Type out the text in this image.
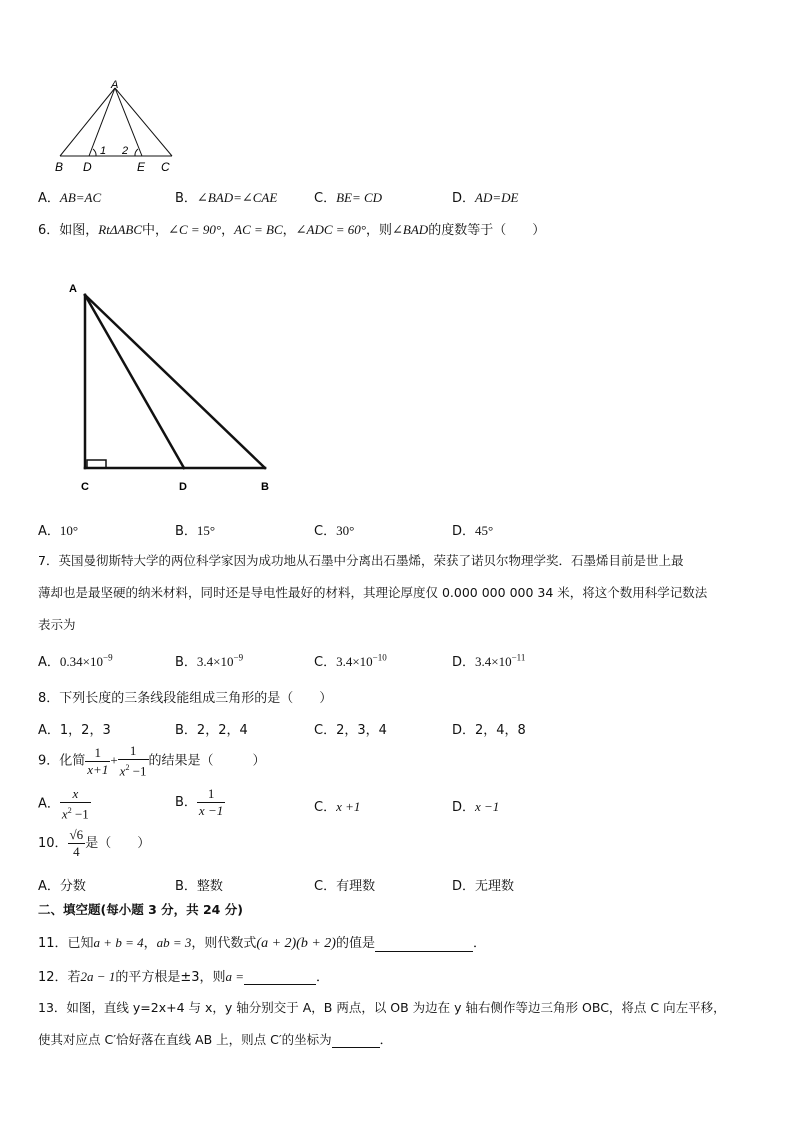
A
B D
1 2
E C
A．AB=AC	B．∠BAD=∠CAE	C．BE= CD	D．AD=DE
6．如图，RtΔABC中，∠C = 90°，AC = BC，∠ADC = 60°，则∠BAD的度数等于（　　）
A
C	D	B
A．10°	B．15°	C．30°	D．45°
7．英国曼彻斯特大学的两位科学家因为成功地从石墨中分离出石墨烯，荣获了诺贝尔物理学奖．石墨烯目前是世上最
薄却也是最坚硬的纳米材料，同时还是导电性最好的材料，其理论厚度仅 0.000 000 000 34 米，将这个数用科学记数法
表示为
A．$0.34\times 10^{-9}$	B．$3.4\times 10^{-9}$	C．$3.4\times 10^{-10}$	D．$3.4\times 10^{-11}$
8．下列长度的三条线段能组成三角形的是（　　）
A．1，2，3	B．2，2，4	C．2，3，4	D．2，4，8
9．化简 $\frac{1}{x+1} + \frac{1}{x^2 -1}$ 的结果是（　　　）
A． $\frac{x}{x^2 -1}$	B． $\frac{1}{x -1}$	C．x +1	D．x −1
10． $\frac{√6}{4}$ 是（　　）
A．分数	B．整数	C．有理数	D．无理数
二、填空题(每小题 3 分，共 24 分)
11．已知a + b = 4，ab = 3，则代数式(a + 2)(b + 2)的值是	．
12．若2a − 1的平方根是±3，则a =	．
13．如图，直线 y=2x+4 与 x，y 轴分别交于 A，B 两点，以 OB 为边在 y 轴右侧作等边三角形 OBC，将点 C 向左平移，
使其对应点 C′恰好落在直线 AB 上，则点 C′的坐标为	．
